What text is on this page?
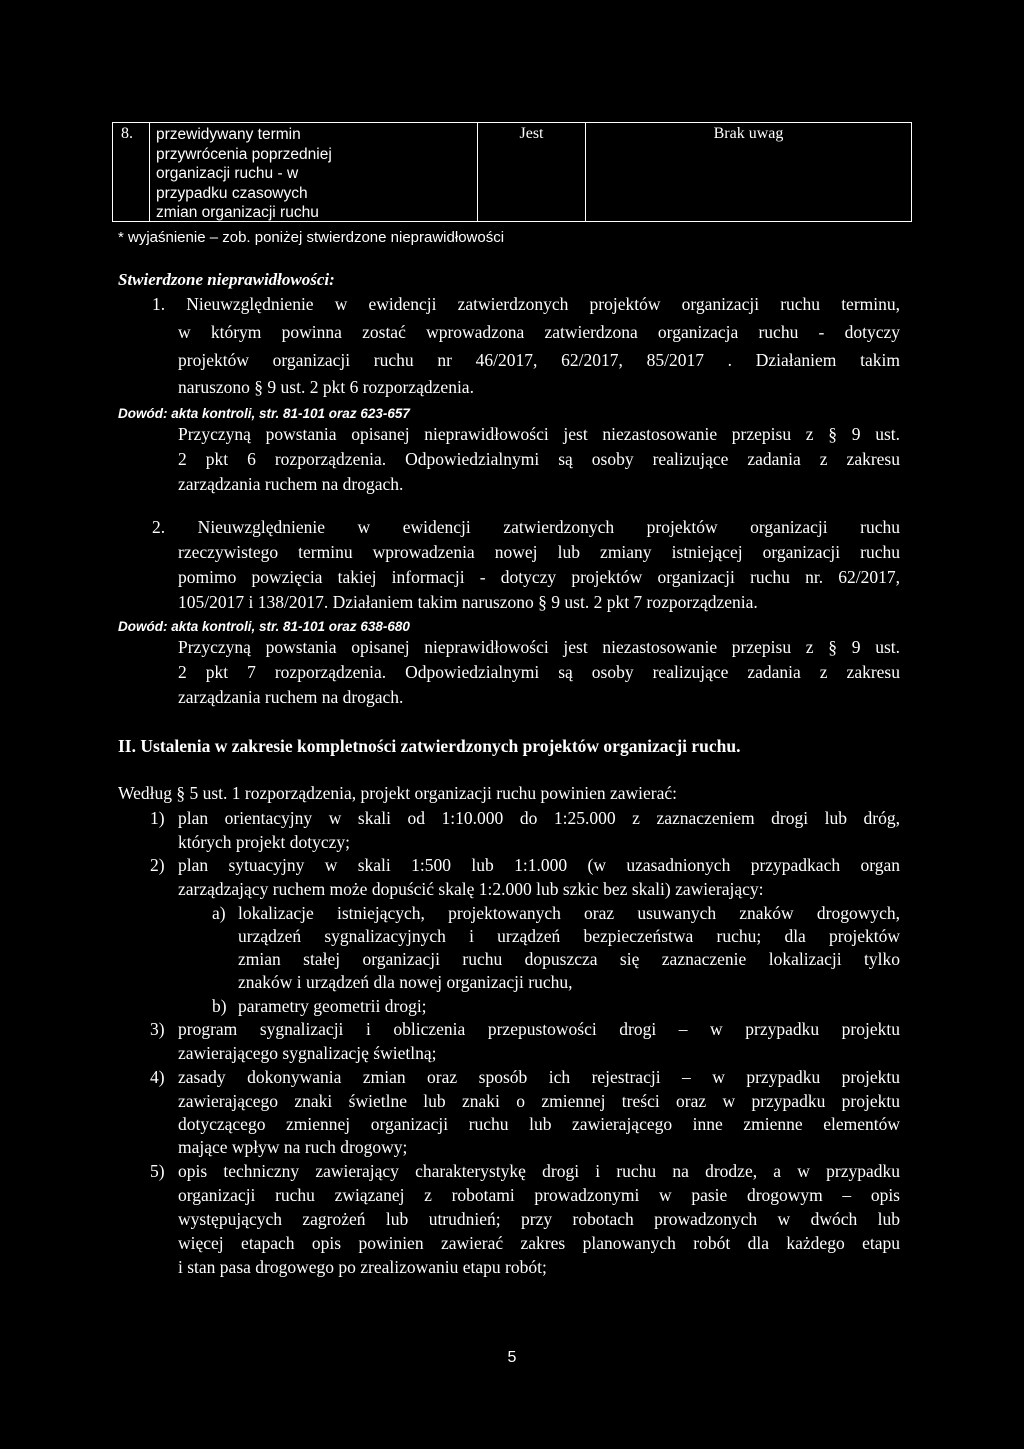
8.	przewidywany termin
przywrócenia poprzedniej
organizacji ruchu - w
przypadku czasowych
zmian organizacji ruchu
Jest	Brak uwag
* wyjaśnienie – zob. poniżej stwierdzone nieprawidłowości
Stwierdzone nieprawidłowości:
1. Nieuwzględnienie w ewidencji zatwierdzonych projektów organizacji ruchu terminu,
w którym powinna zostać wprowadzona zatwierdzona organizacja ruchu - dotyczy
projektów organizacji ruchu nr 46/2017, 62/2017, 85/2017 . Działaniem takim
naruszono § 9 ust. 2 pkt 6 rozporządzenia.
Dowód: akta kontroli, str. 81-101 oraz 623-657
Przyczyną powstania opisanej nieprawidłowości jest niezastosowanie przepisu z § 9 ust.
2 pkt 6 rozporządzenia. Odpowiedzialnymi są osoby realizujące zadania z zakresu
zarządzania ruchem na drogach.
2. Nieuwzględnienie w ewidencji zatwierdzonych projektów organizacji ruchu
rzeczywistego terminu wprowadzenia nowej lub zmiany istniejącej organizacji ruchu
pomimo powzięcia takiej informacji - dotyczy projektów organizacji ruchu nr. 62/2017,
105/2017 i 138/2017. Działaniem takim naruszono § 9 ust. 2 pkt 7 rozporządzenia.
Dowód: akta kontroli, str. 81-101 oraz 638-680
Przyczyną powstania opisanej nieprawidłowości jest niezastosowanie przepisu z § 9 ust.
2 pkt 7 rozporządzenia. Odpowiedzialnymi są osoby realizujące zadania z zakresu
zarządzania ruchem na drogach.
II. Ustalenia w zakresie kompletności zatwierdzonych projektów organizacji ruchu.
Według § 5 ust. 1 rozporządzenia, projekt organizacji ruchu powinien zawierać:
1) plan orientacyjny w skali od 1:10.000 do 1:25.000 z zaznaczeniem drogi lub dróg,
których projekt dotyczy;
2) plan sytuacyjny w skali 1:500 lub 1:1.000 (w uzasadnionych przypadkach organ
zarządzający ruchem może dopuścić skalę 1:2.000 lub szkic bez skali) zawierający:
a) lokalizacje istniejących, projektowanych oraz usuwanych znaków drogowych,
urządzeń sygnalizacyjnych i urządzeń bezpieczeństwa ruchu; dla projektów
zmian stałej organizacji ruchu dopuszcza się zaznaczenie lokalizacji tylko
znaków i urządzeń dla nowej organizacji ruchu,
b) parametry geometrii drogi;
3) program sygnalizacji i obliczenia przepustowości drogi – w przypadku projektu
zawierającego sygnalizację świetlną;
4) zasady dokonywania zmian oraz sposób ich rejestracji – w przypadku projektu
zawierającego znaki świetlne lub znaki o zmiennej treści oraz w przypadku projektu
dotyczącego zmiennej organizacji ruchu lub zawierającego inne zmienne elementów
mające wpływ na ruch drogowy;
5) opis techniczny zawierający charakterystykę drogi i ruchu na drodze, a w przypadku
organizacji ruchu związanej z robotami prowadzonymi w pasie drogowym – opis
występujących zagrożeń lub utrudnień; przy robotach prowadzonych w dwóch lub
więcej etapach opis powinien zawierać zakres planowanych robót dla każdego etapu
i stan pasa drogowego po zrealizowaniu etapu robót;
5
